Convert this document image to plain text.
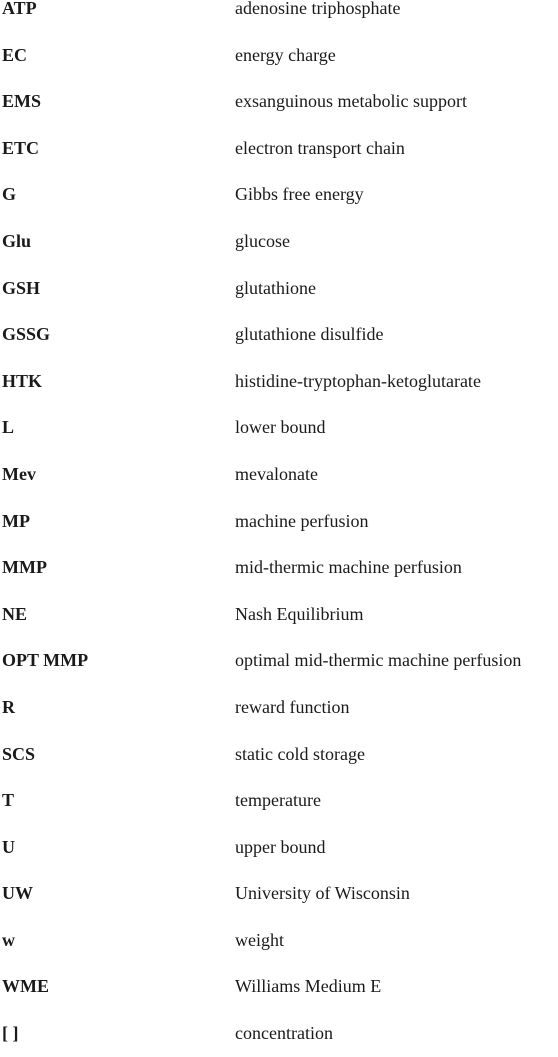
ATP	adenosine triphosphate
EC	energy charge
EMS	exsanguinous metabolic support
ETC	electron transport chain
G	Gibbs free energy
Glu	glucose
GSH	glutathione
GSSG	glutathione disulfide
HTK	histidine-tryptophan-ketoglutarate
L	lower bound
Mev	mevalonate
MP	machine perfusion
MMP	mid-thermic machine perfusion
NE	Nash Equilibrium
OPT MMP	optimal mid-thermic machine perfusion
R	reward function
SCS	static cold storage
T	temperature
U	upper bound
UW	University of Wisconsin
w	weight
WME	Williams Medium E
[ ]	concentration
